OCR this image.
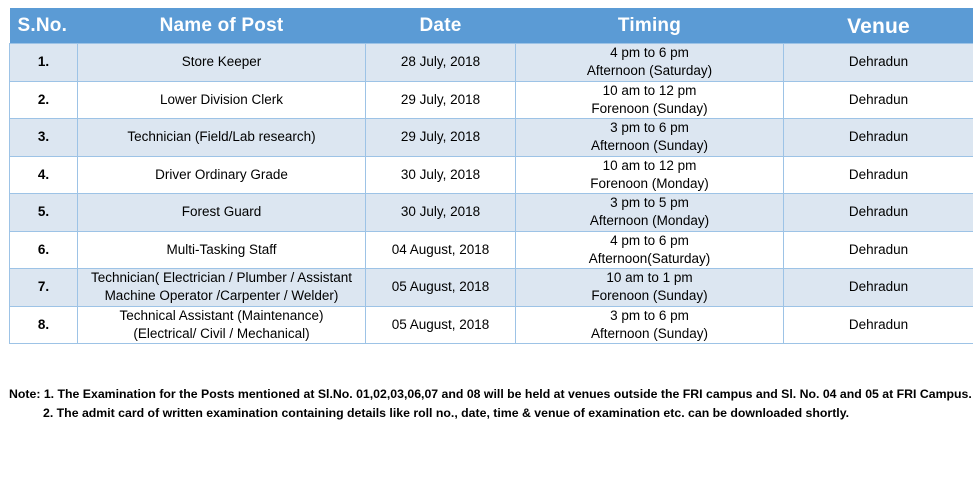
S.No.	Name of Post	Date	Timing	Venue
1.	Store Keeper	28 July, 2018	4 pm to 6 pm
Afternoon (Saturday)	Dehradun
2.	Lower Division Clerk	29 July, 2018	10 am to 12 pm
Forenoon (Sunday)	Dehradun
3.	Technician (Field/Lab research)	29 July, 2018	3 pm to 6 pm
Afternoon (Sunday)	Dehradun
4.	Driver Ordinary Grade	30 July, 2018	10 am to 12 pm
Forenoon (Monday)	Dehradun
5.	Forest Guard	30 July, 2018	3 pm to 5 pm
Afternoon (Monday)	Dehradun
6.	Multi-Tasking Staff	04 August, 2018	4 pm to 6 pm
Afternoon(Saturday)	Dehradun
7.	Technician( Electrician / Plumber / Assistant
Machine Operator /Carpenter / Welder)	05 August, 2018	10 am to 1 pm
Forenoon (Sunday)	Dehradun
8.	Technical Assistant (Maintenance)
(Electrical/ Civil / Mechanical)	05 August, 2018	3 pm to 6 pm
Afternoon (Sunday)	Dehradun
Note: 1. The Examination for the Posts mentioned at Sl.No. 01,02,03,06,07 and 08 will be held at venues outside the FRI campus and Sl. No. 04 and 05 at FRI Campus.
2. The admit card of written examination containing details like roll no., date, time & venue of examination etc. can be downloaded shortly.
